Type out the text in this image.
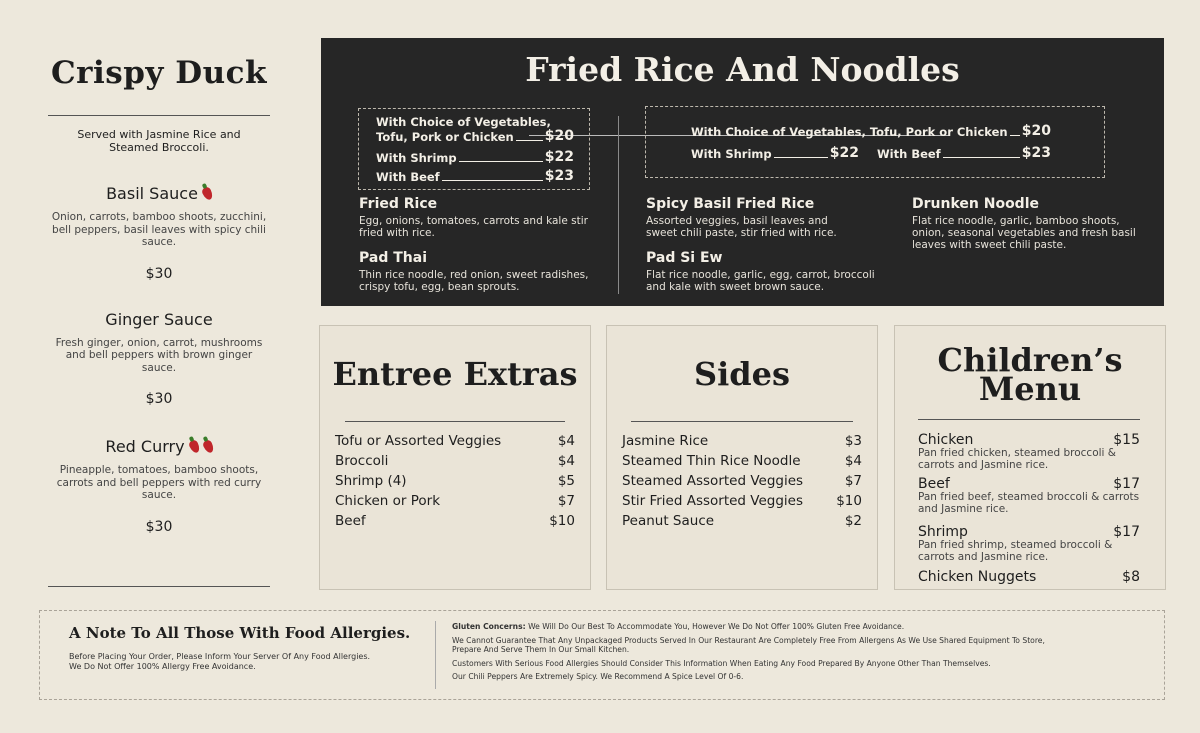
Crispy Duck
Served with Jasmine Rice and Steamed Broccoli.
Basil Sauce
Onion, carrots, bamboo shoots, zucchini, bell peppers, basil leaves with spicy chili sauce.
$30
Ginger Sauce
Fresh ginger, onion, carrot, mushrooms and bell peppers with brown ginger sauce.
$30
Red Curry
Pineapple, tomatoes, bamboo shoots, carrots and bell peppers with red curry sauce.
$30
Fried Rice And Noodles
With Choice of Vegetables,
Tofu, Pork or Chicken $20
With Shrimp	$22
With Beef	$23
With Choice of Vegetables, Tofu, Pork or Chicken $20
With Shrimp	$22 With Beef	$23
Fried Rice
Egg, onions, tomatoes, carrots and kale stir fried with rice.
Pad Thai
Thin rice noodle, red onion, sweet radishes, crispy tofu, egg, bean sprouts.
Spicy Basil Fried Rice
Assorted veggies, basil leaves and sweet chili paste, stir fried with rice.
Pad Si Ew
Flat rice noodle, garlic, egg, carrot, broccoli and kale with sweet brown sauce.
Drunken Noodle
Flat rice noodle, garlic, bamboo shoots, onion, seasonal vegetables and fresh basil leaves with sweet chili paste.
Entree Extras
Tofu or Assorted Veggies	$4
Broccoli	$4
Shrimp (4)	$5
Chicken or Pork	$7
Beef	$10
Sides
Jasmine Rice	$3
Steamed Thin Rice Noodle	$4
Steamed Assorted Veggies	$7
Stir Fried Assorted Veggies $10
Peanut Sauce	$2
Children’s
Menu
Chicken	$15
Pan fried chicken, steamed broccoli & carrots and Jasmine rice.
Beef	$17
Pan fried beef, steamed broccoli & carrots and Jasmine rice.
Shrimp	$17
Pan fried shrimp, steamed broccoli & carrots and Jasmine rice.
Chicken Nuggets	$8
A Note To All Those With Food Allergies.
Before Placing Your Order, Please Inform Your Server Of Any Food Allergies.
We Do Not Offer 100% Allergy Free Avoidance.

Gluten Concerns: We Will Do Our Best To Accommodate You, However We Do Not Offer 100% Gluten Free Avoidance.

We Cannot Guarantee That Any Unpackaged Products Served In Our Restaurant Are Completely Free From Allergens As We Use Shared Equipment To Store,
Prepare And Serve Them In Our Small Kitchen.

Customers With Serious Food Allergies Should Consider This Information When Eating Any Food Prepared By Anyone Other Than Themselves.

Our Chili Peppers Are Extremely Spicy. We Recommend A Spice Level Of 0-6.
